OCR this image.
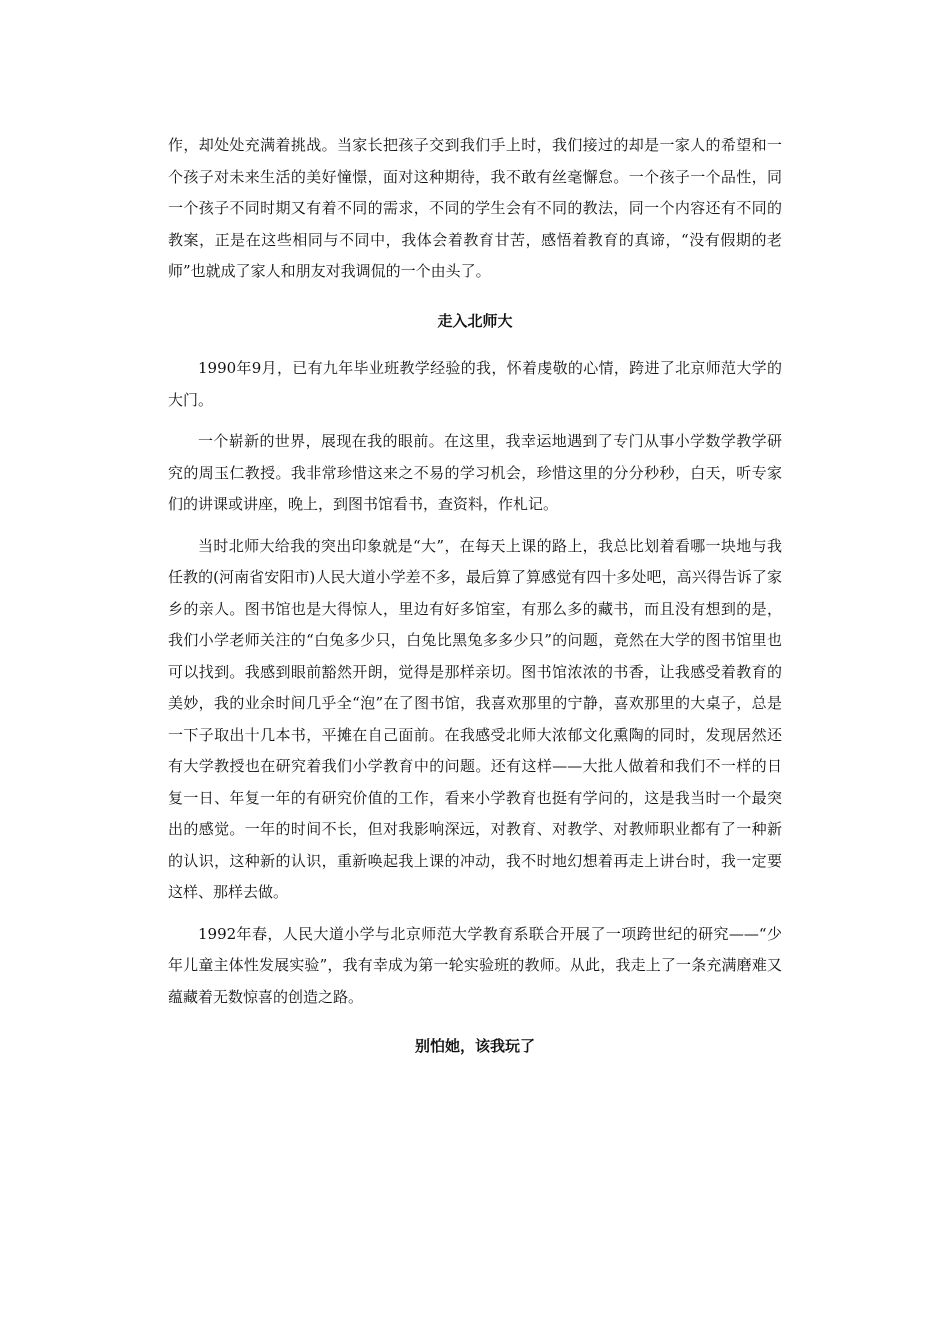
作，却处处充满着挑战。当家长把孩子交到我们手上时，我们接过的却是一家人的希望和一个孩子对未来生活的美好憧憬，面对这种期待，我不敢有丝毫懈怠。一个孩子一个品性，同一个孩子不同时期又有着不同的需求，不同的学生会有不同的教法，同一个内容还有不同的教案，正是在这些相同与不同中，我体会着教育甘苦，感悟着教育的真谛，“没有假期的老师”也就成了家人和朋友对我调侃的一个由头了。

走入北师大

1990年9月，已有九年毕业班教学经验的我，怀着虔敬的心情，跨进了北京师范大学的大门。

一个崭新的世界，展现在我的眼前。在这里，我幸运地遇到了专门从事小学数学教学研究的周玉仁教授。我非常珍惜这来之不易的学习机会，珍惜这里的分分秒秒，白天，听专家们的讲课或讲座，晚上，到图书馆看书，查资料，作札记。

当时北师大给我的突出印象就是“大”，在每天上课的路上，我总比划着看哪一块地与我任教的(河南省安阳市)人民大道小学差不多，最后算了算感觉有四十多处吧，高兴得告诉了家乡的亲人。图书馆也是大得惊人，里边有好多馆室，有那么多的藏书，而且没有想到的是，我们小学老师关注的“白兔多少只，白兔比黑兔多多少只”的问题，竟然在大学的图书馆里也可以找到。我感到眼前豁然开朗，觉得是那样亲切。图书馆浓浓的书香，让我感受着教育的美妙，我的业余时间几乎全“泡”在了图书馆，我喜欢那里的宁静，喜欢那里的大桌子，总是一下子取出十几本书，平摊在自己面前。在我感受北师大浓郁文化熏陶的同时，发现居然还有大学教授也在研究着我们小学教育中的问题。还有这样——大批人做着和我们不一样的日复一日、年复一年的有研究价值的工作，看来小学教育也挺有学问的，这是我当时一个最突出的感觉。一年的时间不长，但对我影响深远，对教育、对教学、对教师职业都有了一种新的认识，这种新的认识，重新唤起我上课的冲动，我不时地幻想着再走上讲台时，我一定要这样、那样去做。

1992年春，人民大道小学与北京师范大学教育系联合开展了一项跨世纪的研究——“少年儿童主体性发展实验”，我有幸成为第一轮实验班的教师。从此，我走上了一条充满磨难又蕴藏着无数惊喜的创造之路。

别怕她，该我玩了
